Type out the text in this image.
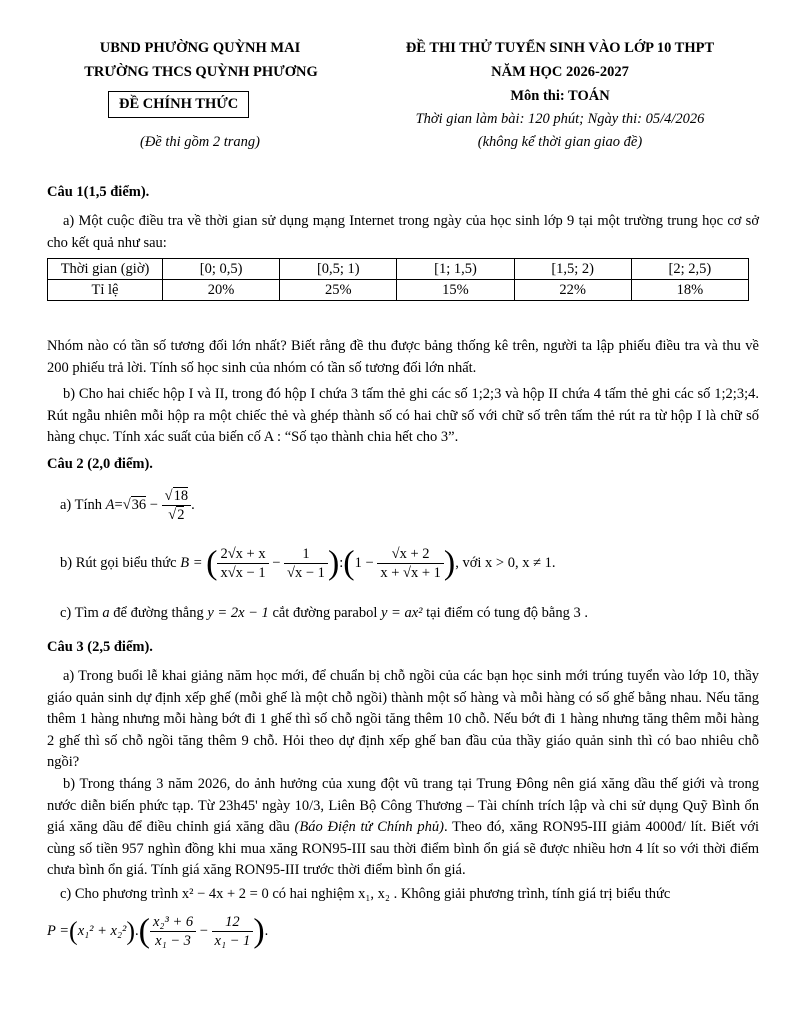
UBND PHƯỜNG QUỲNH MAI
TRƯỜNG THCS QUỲNH PHƯƠNG
ĐỀ CHÍNH THỨC
(Đề thi gồm 2 trang)
ĐỀ THI THỬ TUYỂN SINH VÀO LỚP 10 THPT
NĂM HỌC 2026-2027
Môn thi: TOÁN
Thời gian làm bài: 120 phút; Ngày thi: 05/4/2026
(không kể thời gian giao đề)
Câu 1(1,5 điểm).
a) Một cuộc điều tra về thời gian sử dụng mạng Internet trong ngày của học sinh lớp 9 tại một trường trung học cơ sở cho kết quả như sau:
Thời gian (giờ)	[0; 0,5)	[0,5; 1)	[1; 1,5)	[1,5; 2)	[2; 2,5)
Tỉ lệ	20%	25%	15%	22%	18%
Nhóm nào có tần số tương đối lớn nhất? Biết rằng đề thu được bảng thống kê trên, người ta lập phiếu điều tra và thu về 200 phiếu trả lời. Tính số học sinh của nhóm có tần số tương đối lớn nhất.
b) Cho hai chiếc hộp I và II, trong đó hộp I chứa 3 tấm thẻ ghi các số 1;2;3 và hộp II chứa 4 tấm thẻ ghi các số 1;2;3;4. Rút ngẫu nhiên mỗi hộp ra một chiếc thẻ và ghép thành số có hai chữ số với chữ số trên tấm thẻ rút ra từ hộp I là chữ số hàng chục. Tính xác suất của biến cố A : “Số tạo thành chia hết cho 3”.
Câu 2 (2,0 điểm).
a) Tính $A=√36 - \frac{√18}{√2}$ .
b) Rút gọi biểu thức B = ( $\frac{2√x + x}{x√x - 1} - \frac{1}{√x - 1}$ ):(1 − $\frac{√x + 2}{x + √x + 1}$ ), với x > 0, x ≠ 1.
c) Tìm a để đường thẳng y = 2x − 1 cắt đường parabol y = ax² tại điểm có tung độ bằng 3 .
Câu 3 (2,5 điểm).
a) Trong buổi lễ khai giảng năm học mới, để chuẩn bị chỗ ngồi của các bạn học sinh mới trúng tuyển vào lớp 10, thầy giáo quản sinh dự định xếp ghế (mỗi ghế là một chỗ ngồi) thành một số hàng và mỗi hàng có số ghế bằng nhau. Nếu tăng thêm 1 hàng nhưng mỗi hàng bớt đi 1 ghế thì số chỗ ngồi tăng thêm 10 chỗ. Nếu bớt đi 1 hàng nhưng tăng thêm mỗi hàng 2 ghế thì số chỗ ngồi tăng thêm 9 chỗ. Hỏi theo dự định xếp ghế ban đầu của thầy giáo quản sinh thì có bao nhiêu chỗ ngồi?
b) Trong tháng 3 năm 2026, do ảnh hưởng của xung đột vũ trang tại Trung Đông nên giá xăng dầu thế giới và trong nước diễn biến phức tạp. Từ 23h45' ngày 10/3, Liên Bộ Công Thương – Tài chính trích lập và chi sử dụng Quỹ Bình ổn giá xăng dầu để điều chỉnh giá xăng dầu (Báo Điện tử Chính phủ). Theo đó, xăng RON95-III giảm 4000đ/ lít. Biết với cùng số tiền 957 nghìn đồng khi mua xăng RON95-III sau thời điểm bình ổn giá sẽ được nhiều hơn 4 lít so với thời điểm chưa bình ổn giá. Tính giá xăng RON95-III trước thời điểm bình ổn giá.
c) Cho phương trình x² − 4x + 2 = 0 có hai nghiệm x₁, x₂ . Không giải phương trình, tính giá trị biểu thức
$P =(x_1^2 + x_2^2).( \frac{\text{x₂³ + 6}}{\text{x₁ − 3}} - \frac{12}{\text{x₁ − 1}}$ ).
